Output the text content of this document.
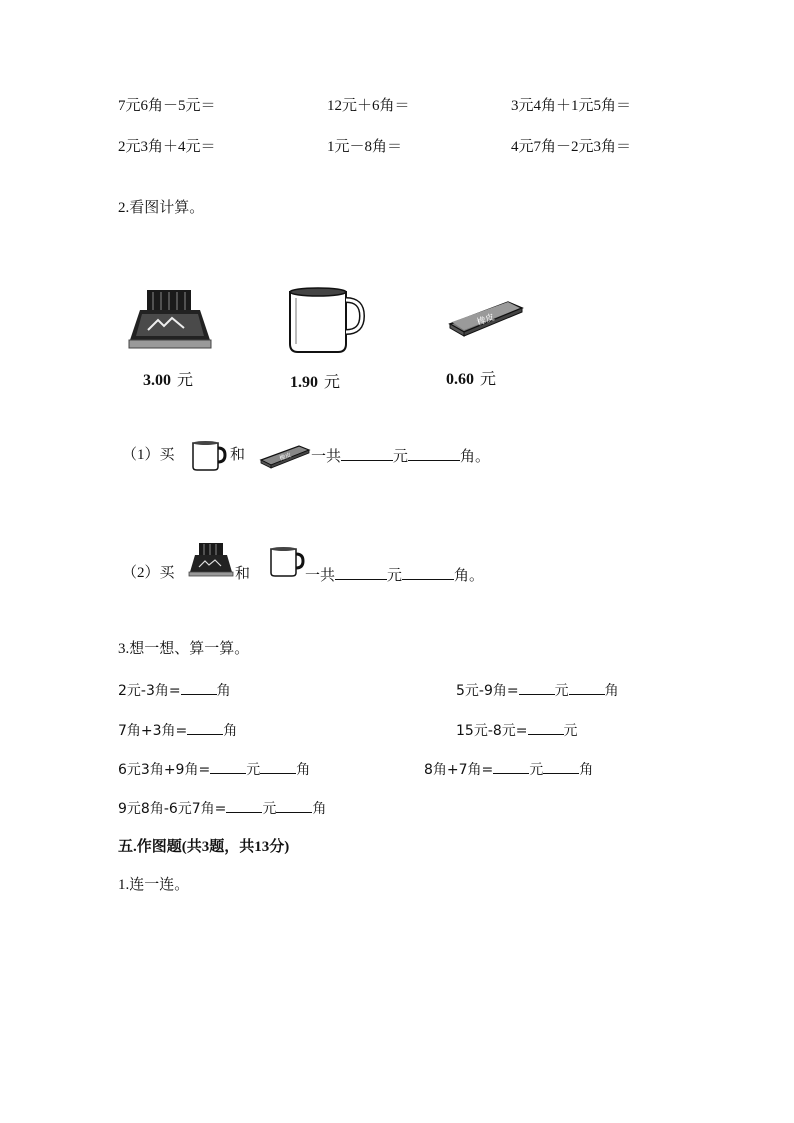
7元6角－5元＝	12元＋6角＝	3元4角＋1元5角＝
2元3角＋4元＝	1元－8角＝	4元7角－2元3角＝
2.看图计算。
橡皮
3.00 元	1.90 元	0.60 元
（1）买	和	橡皮 一共	元	角。
（2）买	和	一共	元	角。
3.想一想、算一算。
2元-3角=	角	5元-9角=	元	角
7角+3角=	角	15元-8元=	元
6元3角+9角=	元	角	8角+7角=	元	角
9元8角-6元7角=	元	角
五.作图题(共3题，共13分)
1.连一连。
